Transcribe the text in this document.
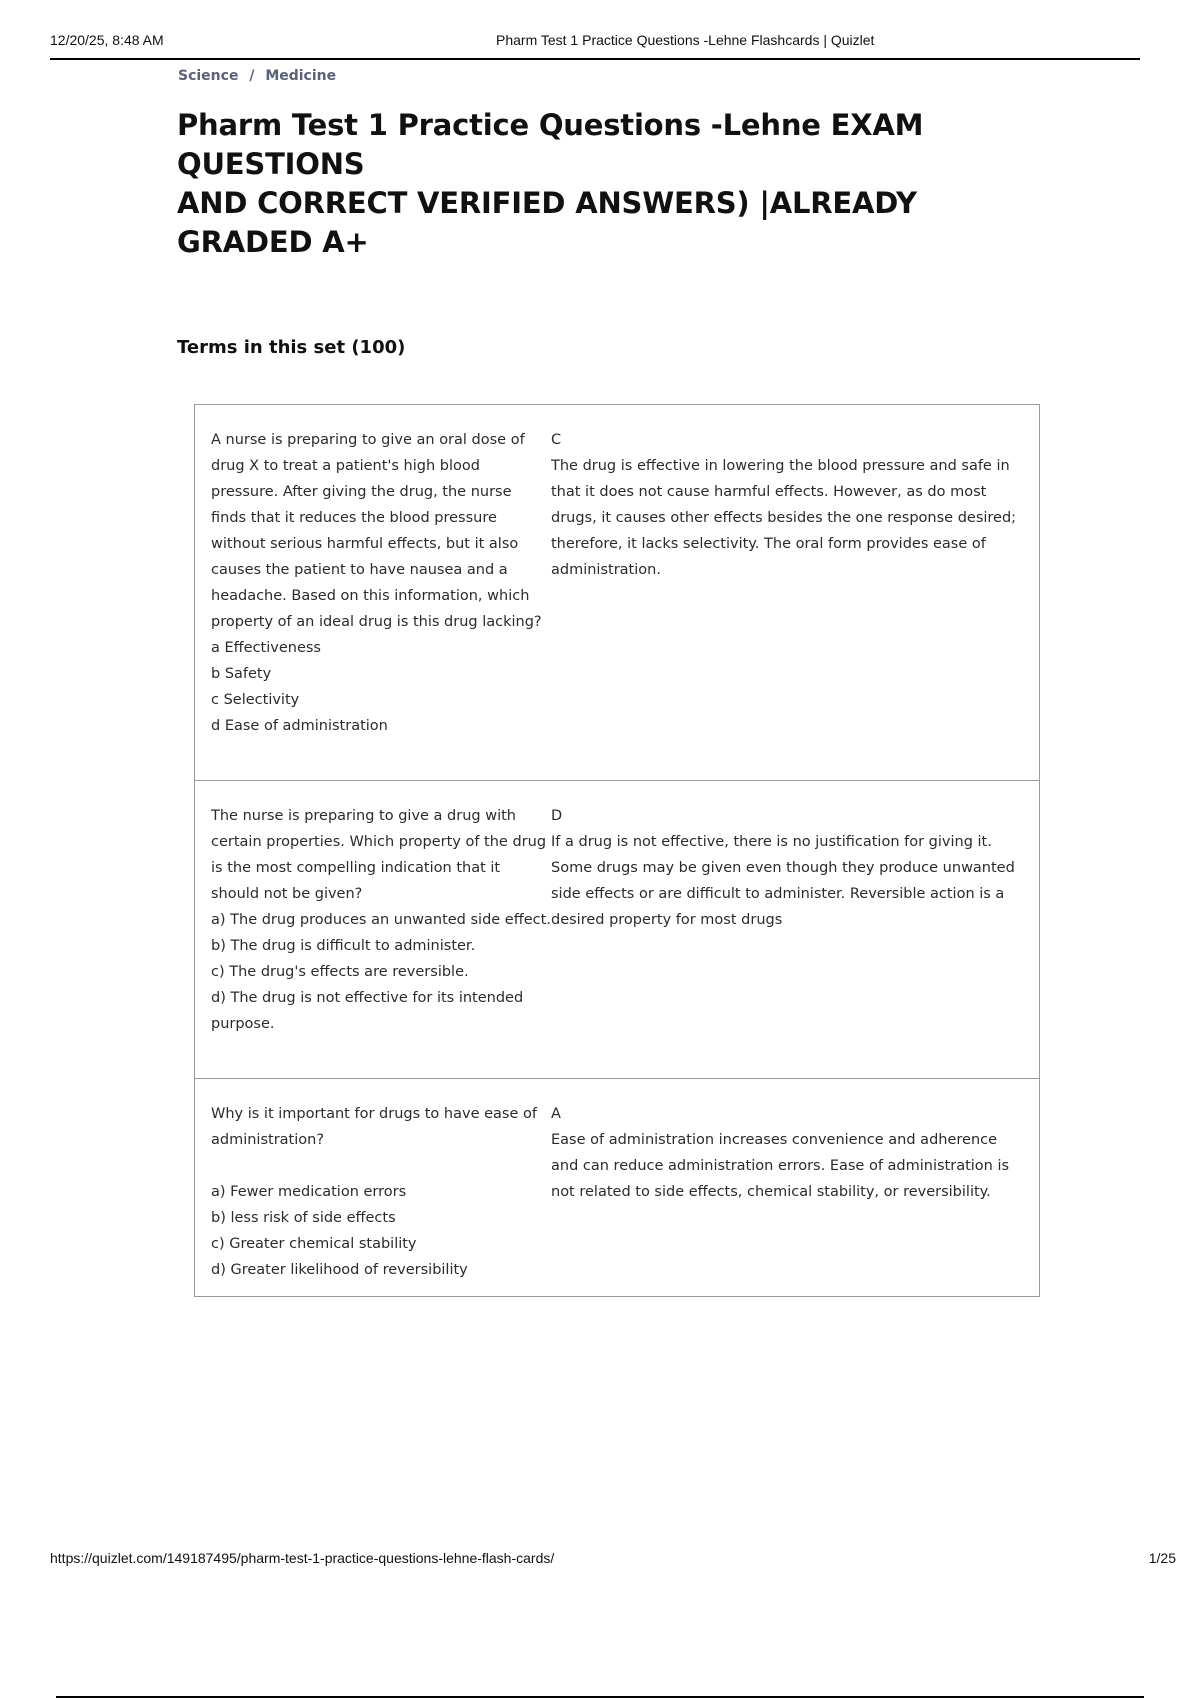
12/20/25, 8:48 AM	Pharm Test 1 Practice Questions -Lehne Flashcards | Quizlet
Science / Medicine
Pharm Test 1 Practice Questions -Lehne EXAM QUESTIONS
AND CORRECT VERIFIED ANSWERS) |ALREADY GRADED A+
Terms in this set (100)

A nurse is preparing to give an oral dose of drug X to treat a patient's high blood pressure. After giving the drug, the nurse finds that it reduces the blood pressure without serious harmful effects, but it also causes the patient to have nausea and a headache. Based on this information, which property of an ideal drug is this drug lacking?

a Effectiveness
b Safety
c Selectivity
d Ease of administration

C

The drug is effective in lowering the blood pressure and safe in that it does not cause harmful effects. However, as do most drugs, it causes other effects besides the one response desired; therefore, it lacks selectivity. The oral form provides ease of administration.

The nurse is preparing to give a drug with certain properties. Which property of the drug is the most compelling indication that it should not be given?

a) The drug produces an unwanted side effect.
b) The drug is difficult to administer.
c) The drug's effects are reversible.
d) The drug is not effective for its intended purpose.

D

If a drug is not effective, there is no justification for giving it. Some drugs may be given even though they produce unwanted side effects or are difficult to administer. Reversible action is a desired property for most drugs

Why is it important for drugs to have ease of administration?

a) Fewer medication errors
b) less risk of side effects
c) Greater chemical stability
d) Greater likelihood of reversibility

A

Ease of administration increases convenience and adherence and can reduce administration errors. Ease of administration is not related to side effects, chemical stability, or reversibility.

https://quizlet.com/149187495/pharm-test-1-practice-questions-lehne-flash-cards/	1/25
